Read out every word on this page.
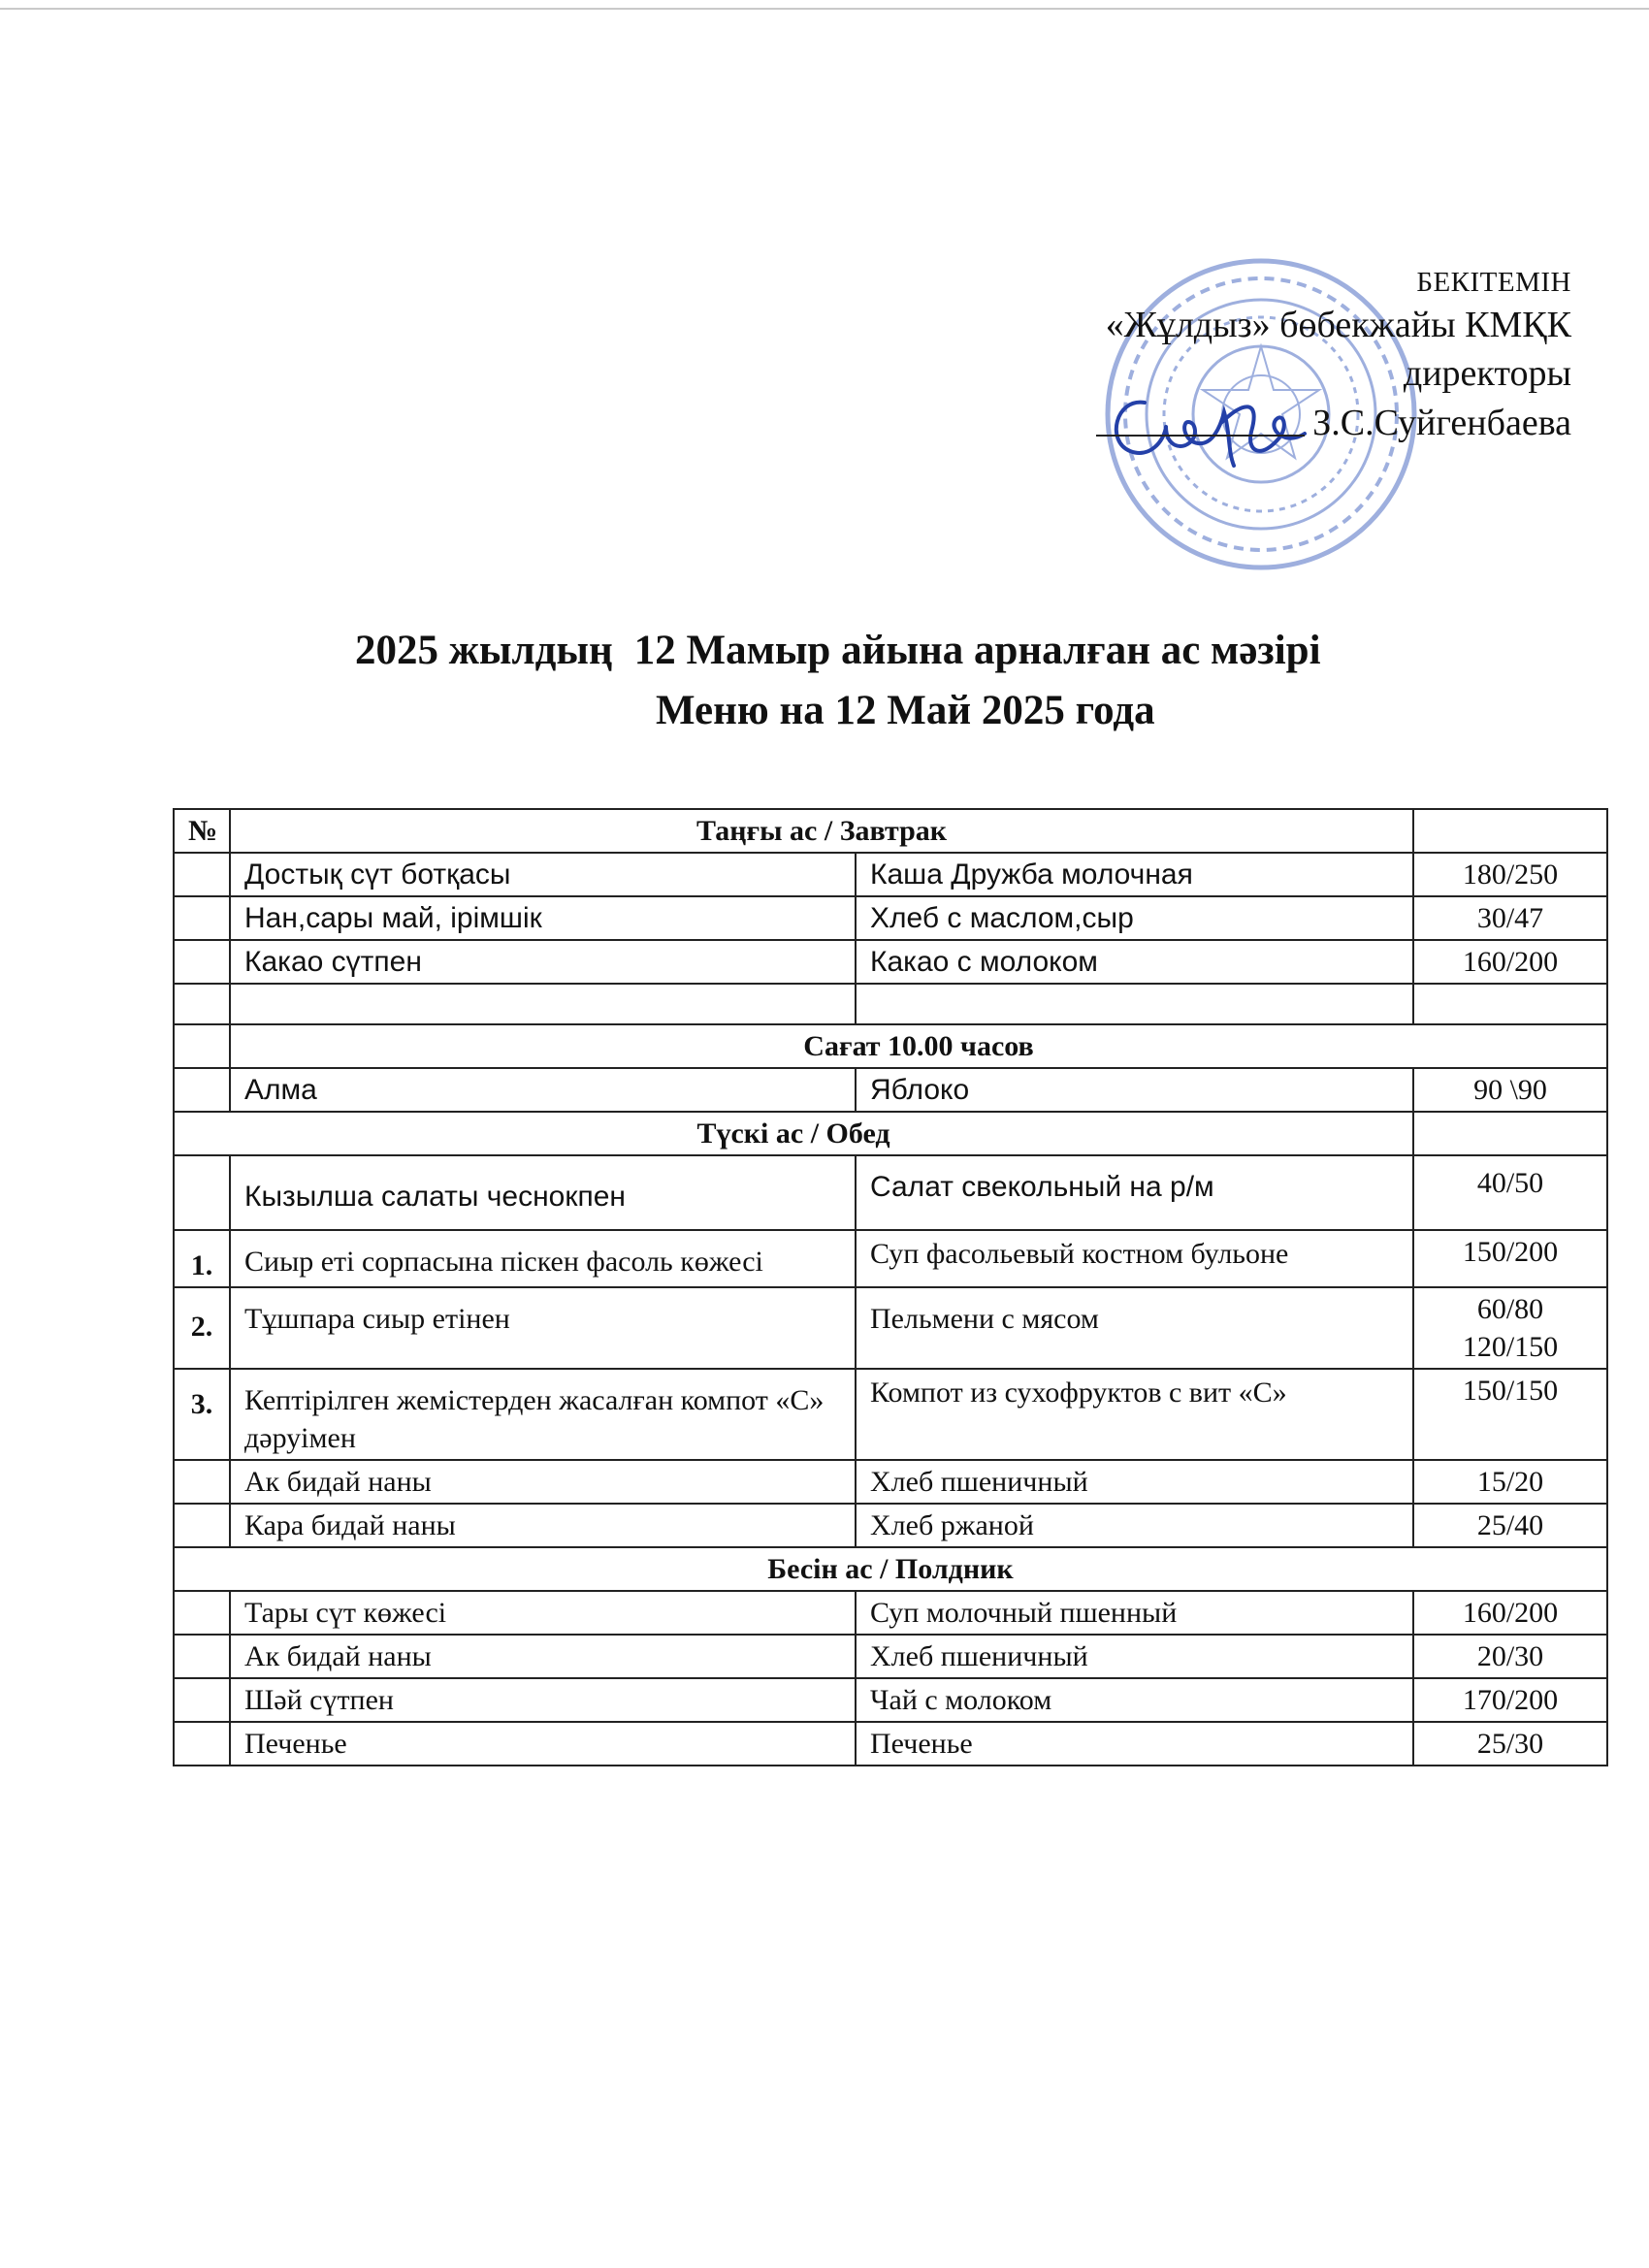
БЕКІТЕМІН
«Жұлдыз» бөбекжайы КМҚК
директоры
З.С.Суйгенбаева
2025 жылдың 12 Мамыр айына арналған ас мәзірі
Меню на 12 Май 2025 года
№	Таңғы ас / Завтрак		
	Достық сүт ботқасы	Каша Дружба молочная	180/250
	Нан,сары май, ірімшік	Хлеб с маслом,сыр	30/47
	Какао сүтпен	Какао с молоком	160/200

	Сағат 10.00 часов		
	Алма	Яблоко	90 \90
Түскі ас / Обед			
	Кызылша салаты чеснокпен	Салат свекольный на р/м	40/50
1.	Сиыр еті сорпасына піскен фасоль көжесі	Суп фасольевый костном бульоне	150/200
2.	Тұшпара сиыр етінен	Пельмени с мясом	60/80
120/150

3.	Кептірілген жемістерден жасалған компот «С» дәруімен	Компот из сухофруктов с вит «С»	150/150
	Ак бидай наны	Хлеб пшеничный	15/20
	Кара бидай наны	Хлеб ржаной	25/40
Бесін ас / Полдник			
	Тары сүт көжесі	Суп молочный пшенный	160/200
	Ак бидай наны	Хлеб пшеничный	20/30
	Шәй сүтпен	Чай с молоком	170/200
	Печенье	Печенье	25/30
